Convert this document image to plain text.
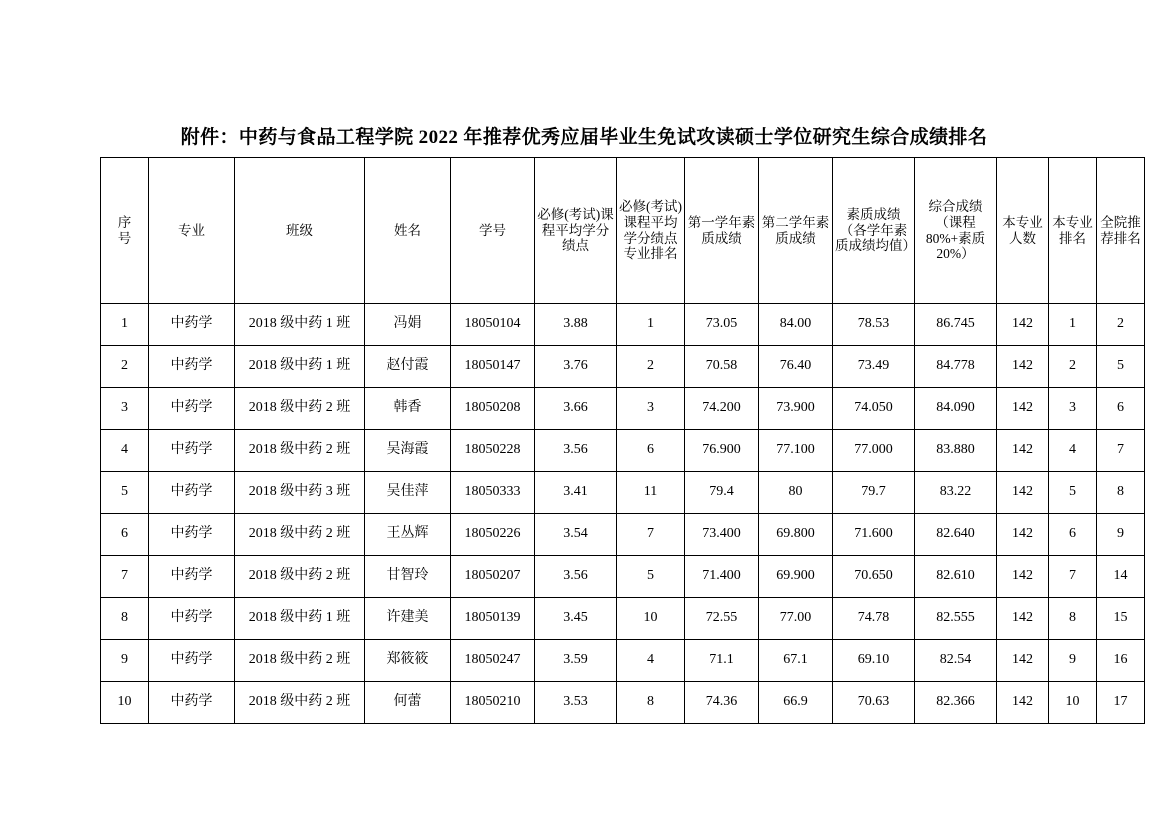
附件：中药与食品工程学院 2022 年推荐优秀应届毕业生免试攻读硕士学位研究生综合成绩排名
序号	专业	班级	姓名	学号	必修(考试)课程平均学分绩点	必修(考试)课程平均学分绩点专业排名	第一学年素质成绩	第二学年素质成绩	素质成绩（各学年素质成绩均值）	综合成绩（课程80%+素质20%）	本专业人数	本专业排名	全院推荐排名

1	中药学	2018 级中药 1 班	冯娟	18050104	3.88	1	73.05	84.00	78.53	86.745	142	1	2
2	中药学	2018 级中药 1 班	赵付霞	18050147	3.76	2	70.58	76.40	73.49	84.778	142	2	5
3	中药学	2018 级中药 2 班	韩香	18050208	3.66	3	74.200	73.900	74.050	84.090	142	3	6
4	中药学	2018 级中药 2 班	吴海霞	18050228	3.56	6	76.900	77.100	77.000	83.880	142	4	7
5	中药学	2018 级中药 3 班	吴佳萍	18050333	3.41	11	79.4	80	79.7	83.22	142	5	8
6	中药学	2018 级中药 2 班	王丛辉	18050226	3.54	7	73.400	69.800	71.600	82.640	142	6	9
7	中药学	2018 级中药 2 班	甘智玲	18050207	3.56	5	71.400	69.900	70.650	82.610	142	7	14
8	中药学	2018 级中药 1 班	许建美	18050139	3.45	10	72.55	77.00	74.78	82.555	142	8	15
9	中药学	2018 级中药 2 班	郑筱筱	18050247	3.59	4	71.1	67.1	69.10	82.54	142	9	16
10	中药学	2018 级中药 2 班	何蕾	18050210	3.53	8	74.36	66.9	70.63	82.366	142	10	17
